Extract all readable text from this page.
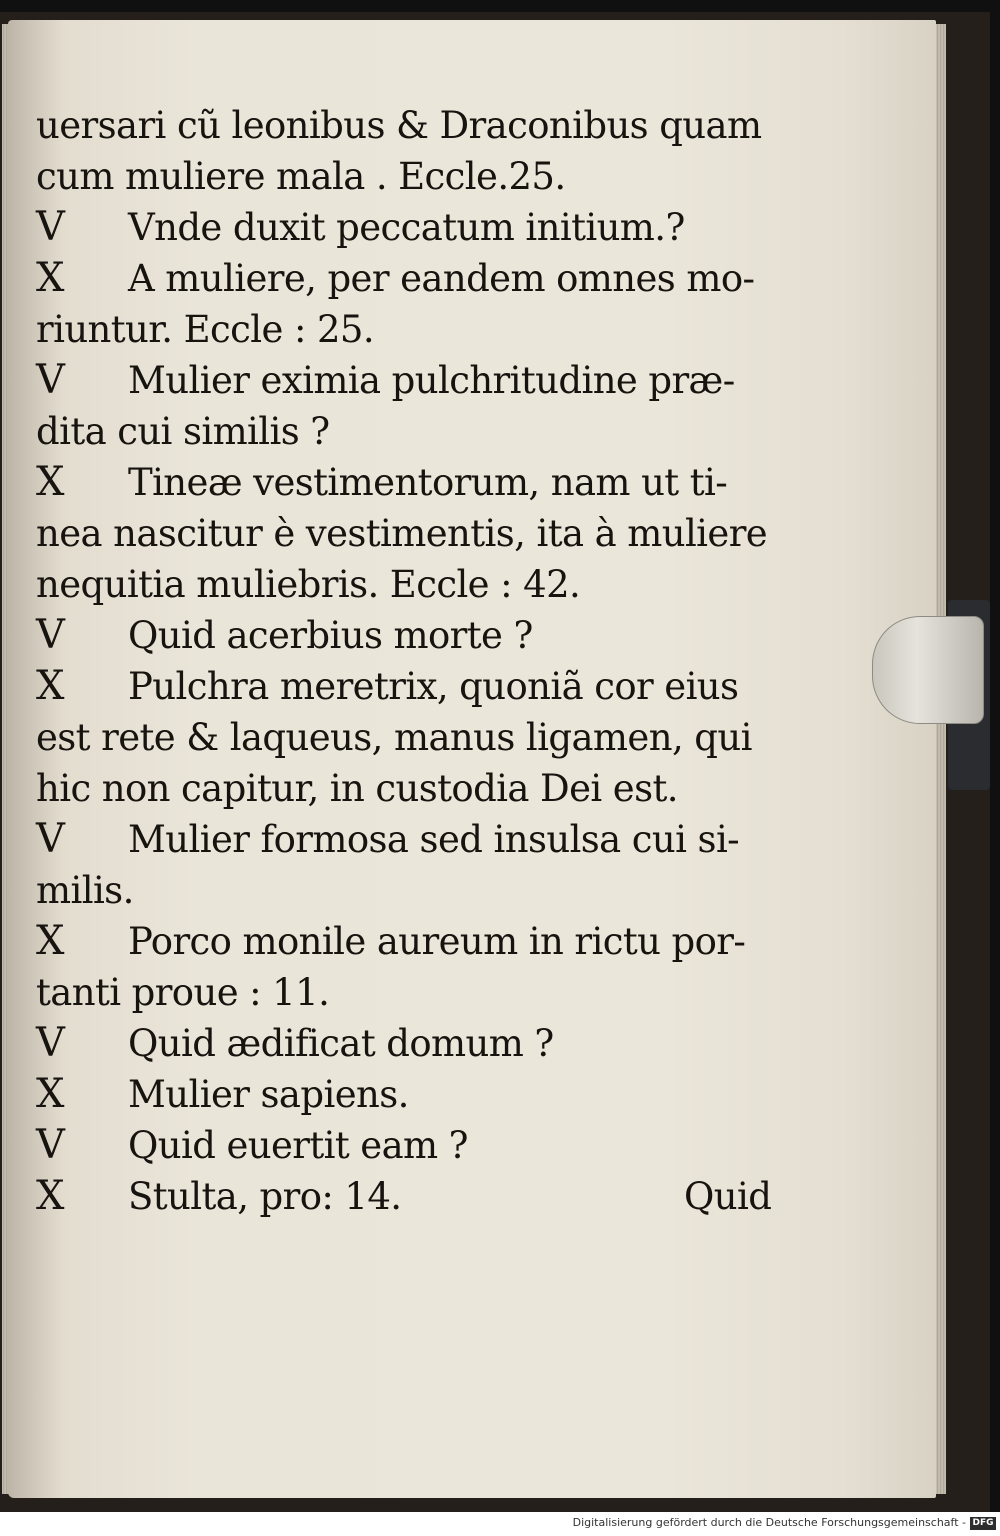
uersari cũ leonibus & Draconibus quam
cum muliere mala . Eccle.25.
V Vnde duxit peccatum initium.?
X A muliere, per eandem omnes mo-
riuntur. Eccle : 25.
V Mulier eximia pulchritudine præ-
dita cui similis ?
X Tineæ vestimentorum, nam ut ti-
nea nascitur è vestimentis, ita à muliere
nequitia muliebris. Eccle : 42.
V Quid acerbius morte ?
X Pulchra meretrix, quoniã cor eius
est rete & laqueus, manus ligamen, qui
hic non capitur, in custodia Dei est.
V Mulier formosa sed insulsa cui si-
milis.
X Porco monile aureum in rictu por-
tanti proue : 11.
V Quid ædificat domum ?
X Mulier sapiens.
V Quid euertit eam ?
X Stulta, pro: 14.	Quid
Digitalisierung gefördert durch die Deutsche Forschungsgemeinschaft - DFG
